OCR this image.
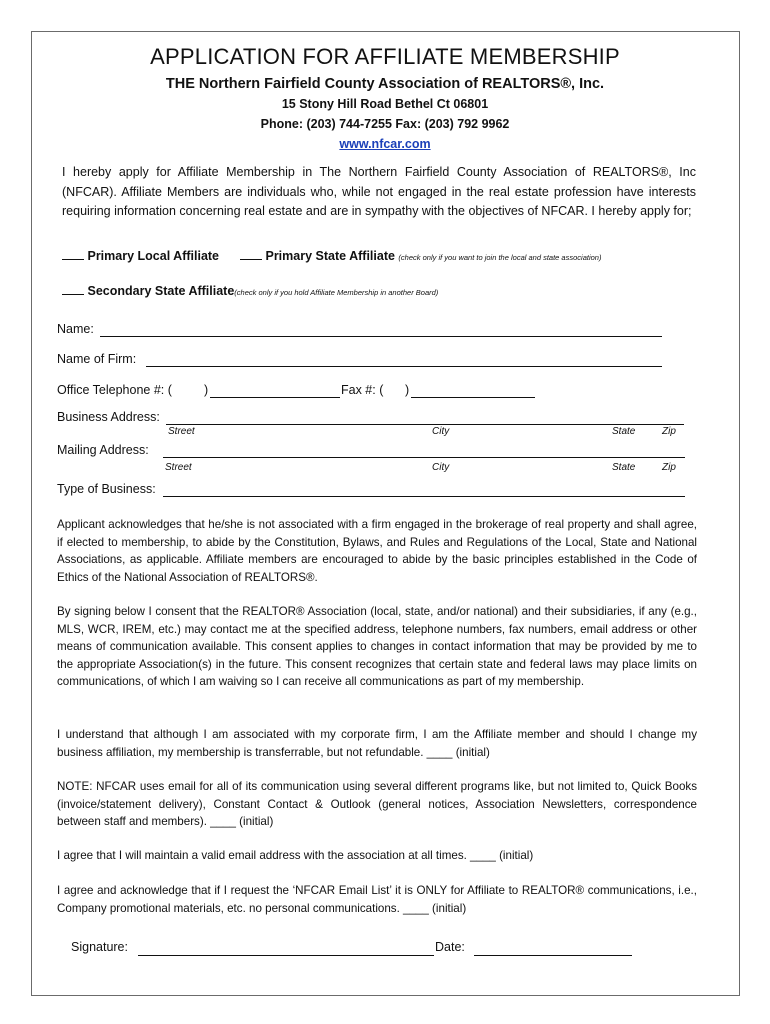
APPLICATION FOR AFFILIATE MEMBERSHIP
THE Northern Fairfield County Association of REALTORS®, Inc.
15 Stony Hill Road Bethel Ct 06801
Phone: (203) 744-7255 Fax: (203) 792 9962
www.nfcar.com
I hereby apply for Affiliate Membership in The Northern Fairfield County Association of REALTORS®, Inc (NFCAR). Affiliate Members are individuals who, while not engaged in the real estate profession have interests requiring information concerning real estate and are in sympathy with the objectives of NFCAR. I hereby apply for;
Primary Local Affiliate	Primary State Affiliate (check only if you want to join the local and state association)
Secondary State Affiliate(check only if you hold Affiliate Membership in another Board)
Name:
Name of Firm:
Office Telephone #: (	)	Fax #: ( )
Business Address:
Street	City	State	Zip
Mailing Address:
Street	City	State	Zip
Type of Business:
Applicant acknowledges that he/she is not associated with a firm engaged in the brokerage of real property and shall agree, if elected to membership, to abide by the Constitution, Bylaws, and Rules and Regulations of the Local, State and National Associations, as applicable. Affiliate members are encouraged to abide by the basic principles established in the Code of Ethics of the National Association of REALTORS®.
By signing below I consent that the REALTOR® Association (local, state, and/or national) and their subsidiaries, if any (e.g., MLS, WCR, IREM, etc.) may contact me at the specified address, telephone numbers, fax numbers, email address or other means of communication available. This consent applies to changes in contact information that may be provided by me to the appropriate Association(s) in the future. This consent recognizes that certain state and federal laws may place limits on communications, of which I am waiving so I can receive all communications as part of my membership.
I understand that although I am associated with my corporate firm, I am the Affiliate member and should I change my business affiliation, my membership is transferrable, but not refundable. ____ (initial)
NOTE: NFCAR uses email for all of its communication using several different programs like, but not limited to, Quick Books (invoice/statement delivery), Constant Contact & Outlook (general notices, Association Newsletters, correspondence between staff and members). ____ (initial)
I agree that I will maintain a valid email address with the association at all times. ____ (initial)
I agree and acknowledge that if I request the ‘NFCAR Email List’ it is ONLY for Affiliate to REALTOR® communications, i.e., Company promotional materials, etc. no personal communications. ____ (initial)
Signature:	Date:
